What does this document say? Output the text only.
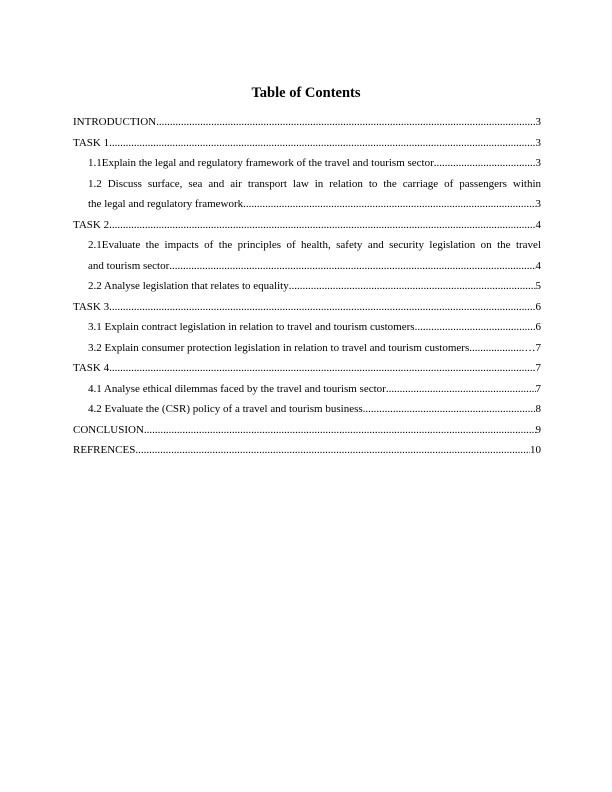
Table of Contents
INTRODUCTION .....	3
TASK 1 .....	3
1.1Explain the legal and regulatory framework of the travel and tourism sector .....	3
1.2 Discuss surface, sea and air transport law in relation to the carriage of passengers within
the legal and regulatory framework .....	3
TASK 2 .....	4
2.1Evaluate the impacts of the principles of health, safety and security legislation on the travel
and tourism sector .....	4
2.2 Analyse legislation that relates to equality .....	5
TASK 3 .....	6
3.1 Explain contract legislation in relation to travel and tourism customers .....	6
3.2 Explain consumer protection legislation in relation to travel and tourism customers. .....	…7
TASK 4 .....	7
4.1 Analyse ethical dilemmas faced by the travel and tourism sector .....	7
4.2 Evaluate the (CSR) policy of a travel and tourism business .....	8
CONCLUSION .....	9
REFRENCES .....	10
